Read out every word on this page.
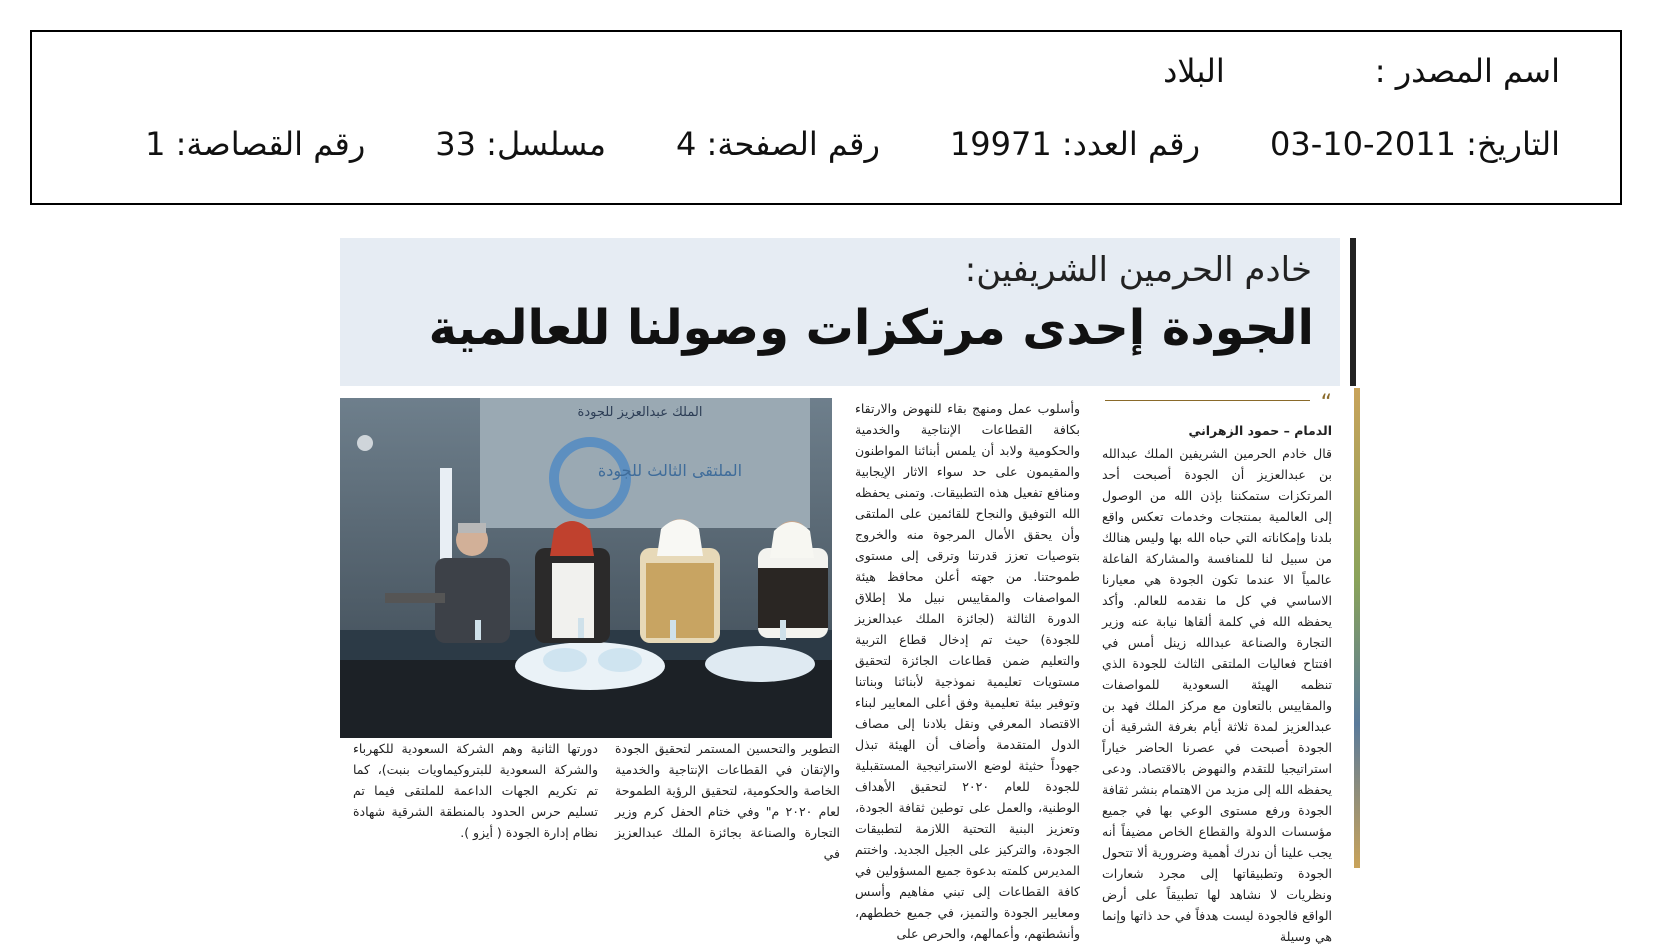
اسم المصدر :البلاد
التاريخ: 2011-10-03رقم العدد: 19971رقم الصفحة: 4مسلسل: 33رقم القصاصة: 1
خادم الحرمين الشريفين:
الجودة إحدى مرتكزات وصولنا للعالمية
“
الدمام – حمود الزهراني
قال خادم الحرمين الشريفين الملك عبدالله بن عبدالعزيز أن الجودة أصبحت أحد المرتكزات ستمكننا بإذن الله من الوصول إلى العالمية بمنتجات وخدمات تعكس واقع بلدنا وإمكاناته التي حباه الله بها وليس هنالك من سبيل لنا للمنافسة والمشاركة الفاعلة عالمياً الا عندما تكون الجودة هي معيارنا الاساسي في كل ما نقدمه للعالم. وأكد يحفظه الله في كلمة ألقاها نيابة عنه وزير التجارة والصناعة عبدالله زينل أمس في افتتاح فعاليات الملتقى الثالث للجودة الذي تنظمه الهيئة السعودية للمواصفات والمقاييس بالتعاون مع مركز الملك فهد بن عبدالعزيز لمدة ثلاثة أيام بغرفة الشرقية أن الجودة أصبحت في عصرنا الحاضر خياراً استراتيجيا للتقدم والنهوض بالاقتصاد. ودعى يحفظه الله إلى مزيد من الاهتمام بنشر ثقافة الجودة ورفع مستوى الوعي بها في جميع مؤسسات الدولة والقطاع الخاص مضيفاً أنه يجب علينا أن ندرك أهمية وضرورية ألا تتحول الجودة وتطبيقاتها إلى مجرد شعارات ونظريات لا نشاهد لها تطبيقاً على أرض الواقع فالجودة ليست هدفاً في حد ذاتها وإنما هي وسيلة
وأسلوب عمل ومنهج بقاء للنهوض والارتقاء بكافة القطاعات الإنتاجية والخدمية والحكومية ولابد أن يلمس أبنائنا المواطنون والمقيمون على حد سواء الاثار الإيجابية ومنافع تفعيل هذه التطبيقات. وتمنى يحفظه الله التوفيق والنجاح للقائمين على الملتقى وأن يحقق الأمال المرجوة منه والخروج بتوصيات تعزز قدرتنا وترقى إلى مستوى طموحتنا. من جهته أعلن محافظ هيئة المواصفات والمقاييس نبيل ملا إطلاق الدورة الثالثة (لجائزة الملك عبدالعزيز للجودة) حيث تم إدخال قطاع التربية والتعليم ضمن قطاعات الجائزة لتحقيق مستويات تعليمية نموذجية لأبنائنا وبناتنا وتوفير بيئة تعليمية وفق أعلى المعايير لبناء الاقتصاد المعرفي ونقل بلادنا إلى مصاف الدول المتقدمة وأضاف أن الهيئة تبذل جهوداً حثيثة لوضع الاستراتيجية المستقبلية للجودة للعام ٢٠٢٠ لتحقيق الأهداف الوطنية، والعمل على توطين ثقافة الجودة، وتعزيز البنية التحتية اللازمة لتطبيقات الجودة، والتركيز على الجيل الجديد. واختتم المديرس كلمته بدعوة جميع المسؤولين في كافة القطاعات إلى تبني مفاهيم وأسس ومعايير الجودة والتميز، في جميع خططهم، وأنشطتهم، وأعمالهم، والحرص على
الملك عبدالعزيز للجودة
الملتقى الثالث للجودة
التطوير والتحسين المستمر لتحقيق الجودة والإتقان في القطاعات الإنتاجية والخدمية الخاصة والحكومية، لتحقيق الرؤية الطموحة لعام ٢٠٢٠ م" وفي ختام الحفل كرم وزير التجارة والصناعة بجائزة الملك عبدالعزيز في
دورتها الثانية وهم الشركة السعودية للكهرباء والشركة السعودية للبتروكيماويات بنبت)، كما تم تكريم الجهات الداعمة للملتقى فيما تم تسليم حرس الحدود بالمنطقة الشرقية شهادة نظام إدارة الجودة ( أيزو ).
